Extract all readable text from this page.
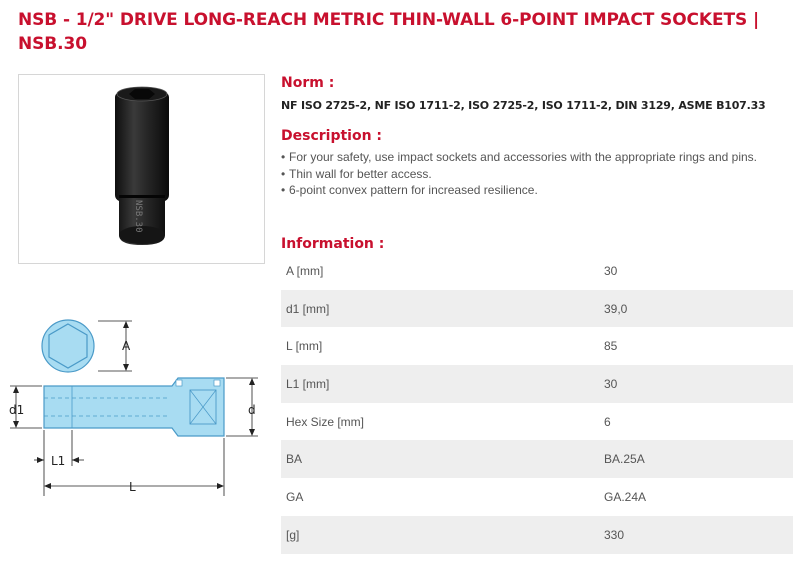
NSB - 1/2" DRIVE LONG-REACH METRIC THIN-WALL 6-POINT IMPACT SOCKETS | NSB.30
NSB.30
A
d1	d
L1
L
Norm :
NF ISO 2725-2, NF ISO 1711-2, ISO 2725-2, ISO 1711-2, DIN 3129, ASME B107.33
Description :
• For your safety, use impact sockets and accessories with the appropriate rings and pins.
• Thin wall for better access.
• 6-point convex pattern for increased resilience.
Information :
A [mm]	30
d1 [mm]	39,0
L [mm]	85
L1 [mm]	30
Hex Size [mm]	6
BA	BA.25A
GA	GA.24A
[g]	330
